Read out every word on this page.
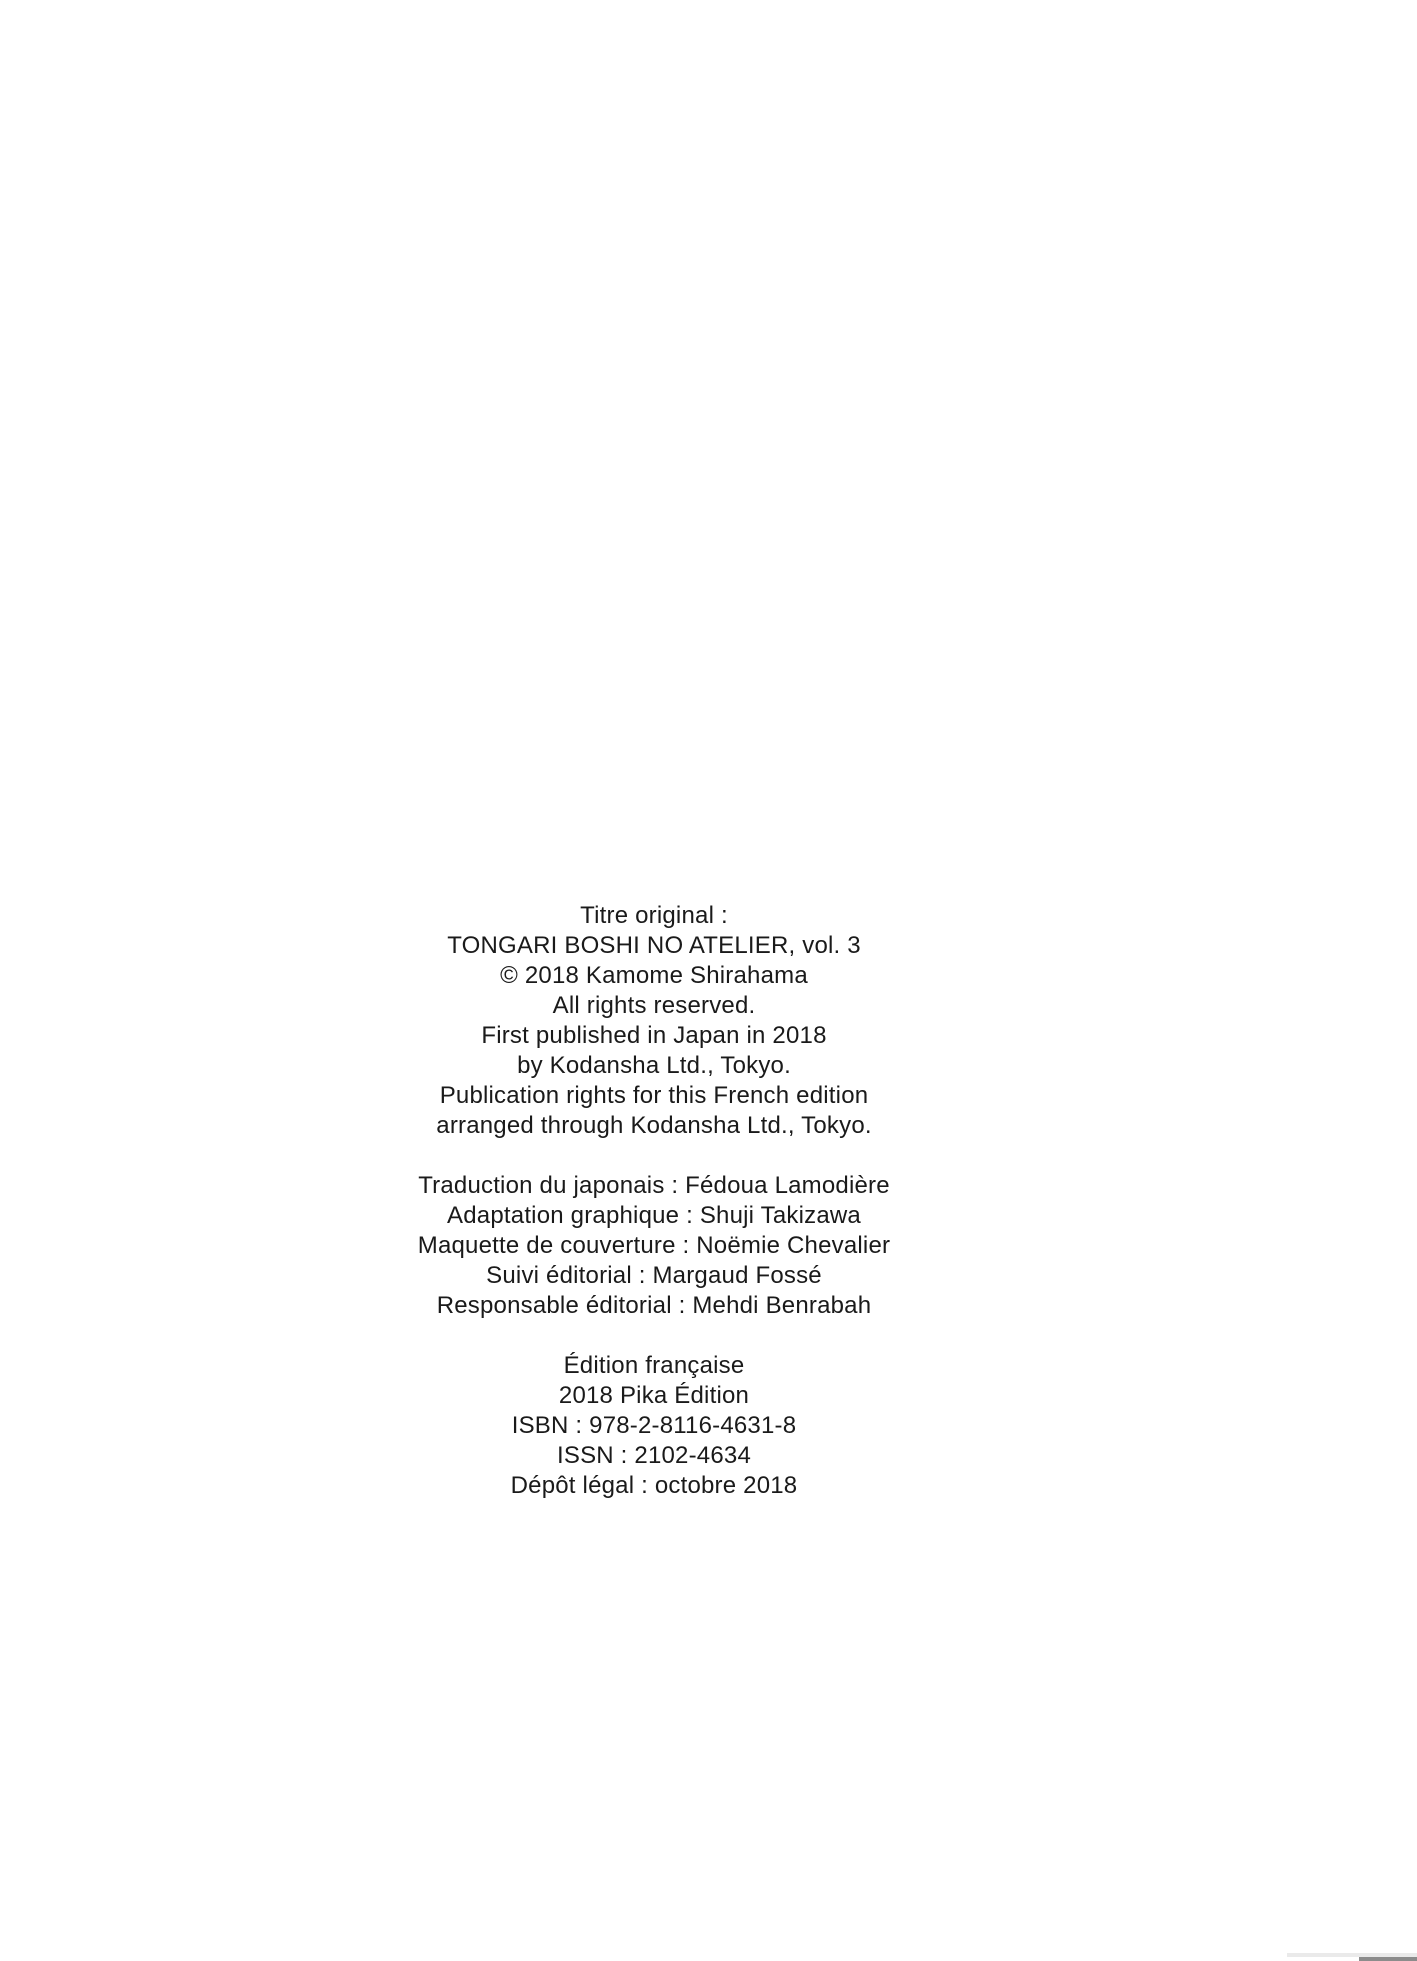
Titre original :
TONGARI BOSHI NO ATELIER, vol. 3
© 2018 Kamome Shirahama
All rights reserved.
First published in Japan in 2018
by Kodansha Ltd., Tokyo.
Publication rights for this French edition
arranged through Kodansha Ltd., Tokyo.
Traduction du japonais : Fédoua Lamodière
Adaptation graphique : Shuji Takizawa
Maquette de couverture : Noëmie Chevalier
Suivi éditorial : Margaud Fossé
Responsable éditorial : Mehdi Benrabah
Édition française
2018 Pika Édition
ISBN : 978-2-8116-4631-8
ISSN : 2102-4634
Dépôt légal : octobre 2018
